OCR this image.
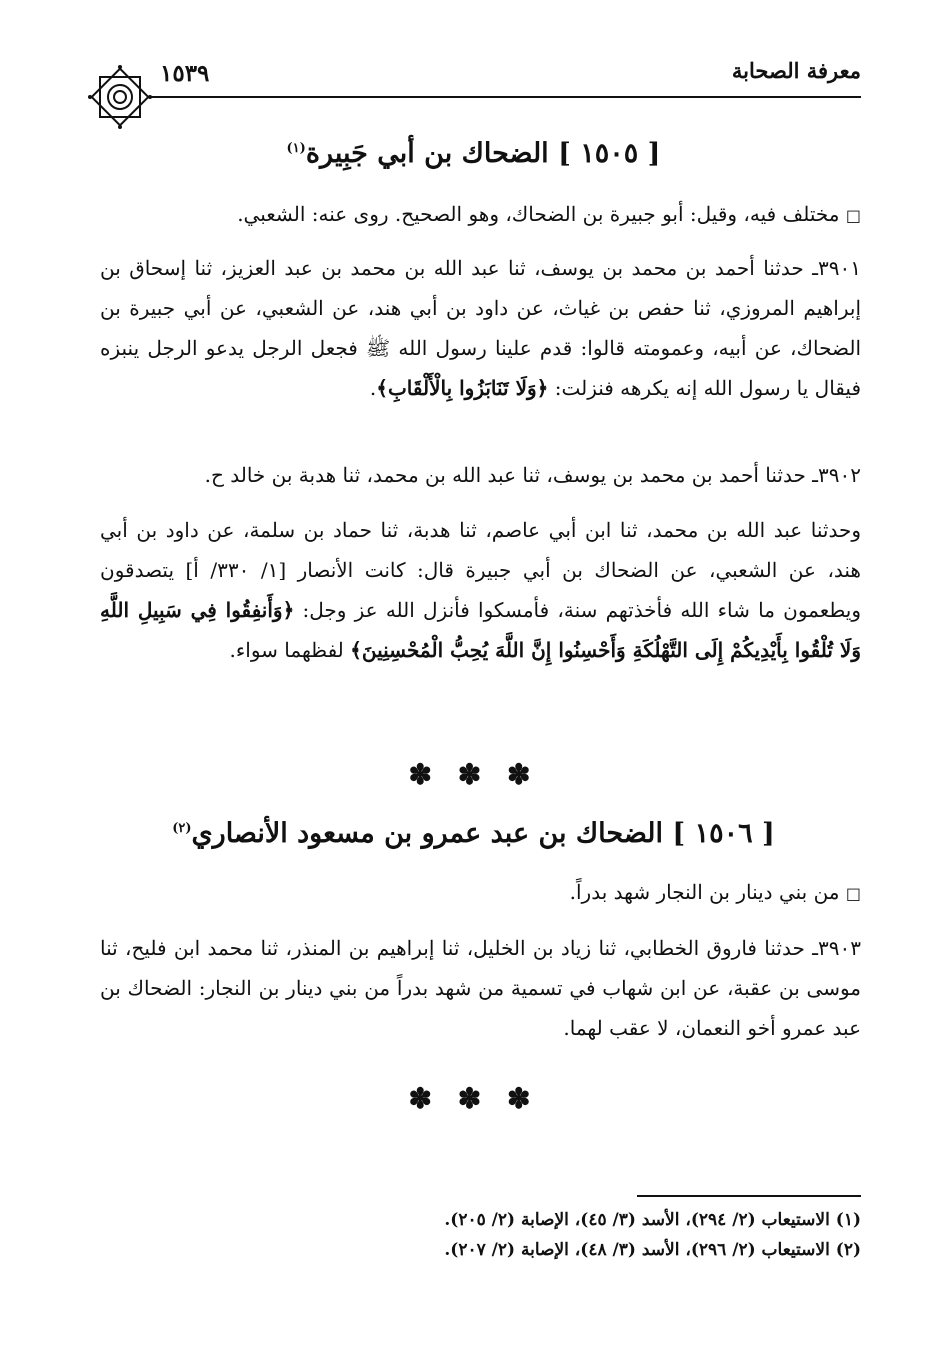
معرفة الصحابة
١٥٣٩
[ ١٥٠٥ ] الضحاك بن أبي جَبِيرة$^{(١)}$

□ مختلف فيه، وقيل: أبو جبيرة بن الضحاك، وهو الصحيح. روى عنه: الشعبي.

٣٩٠١ـ حدثنا أحمد بن محمد بن يوسف، ثنا عبد الله بن محمد بن عبد العزيز، ثنا إسحاق بن إبراهيم المروزي، ثنا حفص بن غياث، عن داود بن أبي هند، عن الشعبي، عن أبي جبيرة بن الضحاك، عن أبيه، وعمومته قالوا: قدم علينا رسول الله ﷺ فجعل الرجل يدعو الرجل ينبزه فيقال يا رسول الله إنه يكرهه فنزلت: ﴿وَلَا تَنَابَزُوا بِالْأَلْقَابِ﴾.

٣٩٠٢ـ حدثنا أحمد بن محمد بن يوسف، ثنا عبد الله بن محمد، ثنا هدبة بن خالد ح.

وحدثنا عبد الله بن محمد، ثنا ابن أبي عاصم، ثنا هدبة، ثنا حماد بن سلمة، عن داود بن أبي هند، عن الشعبي، عن الضحاك بن أبي جبيرة قال: كانت الأنصار [١/ ٣٣٠/ أ] يتصدقون ويطعمون ما شاء الله فأخذتهم سنة، فأمسكوا فأنزل الله عز وجل: ﴿وَأَنفِقُوا فِي سَبِيلِ اللَّهِ وَلَا تُلْقُوا بِأَيْدِيكُمْ إِلَى التَّهْلُكَةِ وَأَحْسِنُوا إِنَّ اللَّهَ يُحِبُّ الْمُحْسِنِينَ﴾ لفظهما سواء.

✽ ✽ ✽
[ ١٥٠٦ ] الضحاك بن عبد عمرو بن مسعود الأنصاري$^{(٢)}$

□ من بني دينار بن النجار شهد بدراً.

٣٩٠٣ـ حدثنا فاروق الخطابي، ثنا زياد بن الخليل، ثنا إبراهيم بن المنذر، ثنا محمد ابن فليح، ثنا موسى بن عقبة، عن ابن شهاب في تسمية من شهد بدراً من بني دينار بن النجار: الضحاك بن عبد عمرو أخو النعمان، لا عقب لهما.

✽ ✽ ✽
(١) الاستيعاب (٢/ ٢٩٤)، الأسد (٣/ ٤٥)، الإصابة (٢/ ٢٠٥).
(٢) الاستيعاب (٢/ ٢٩٦)، الأسد (٣/ ٤٨)، الإصابة (٢/ ٢٠٧).
